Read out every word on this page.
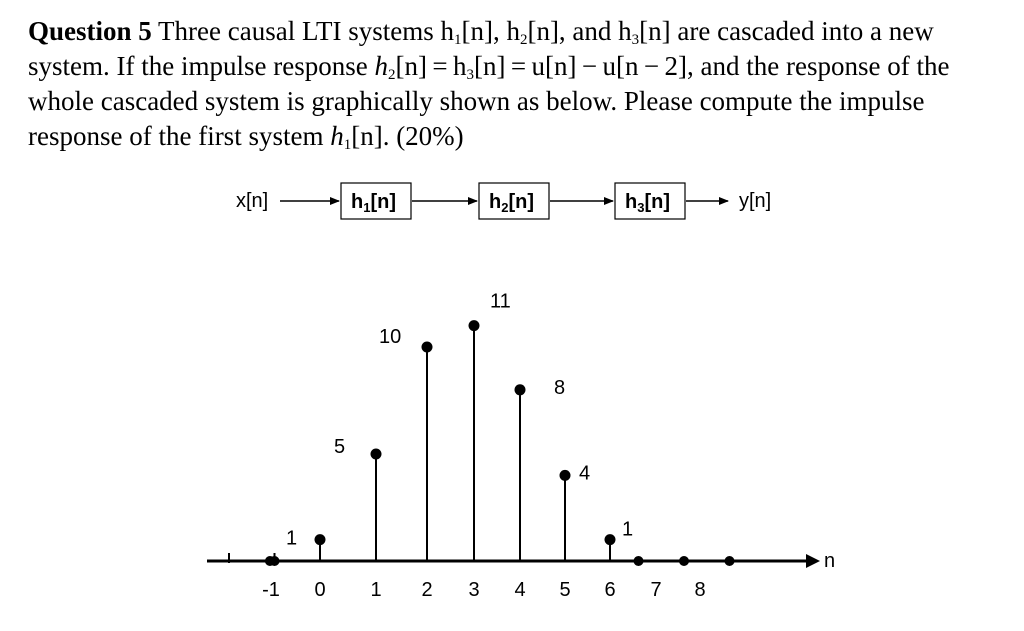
Question 5 Three causal LTI systems $h_1[n]$, $h_2[n]$, and $h_3[n]$ are cascaded into a new system. If the impulse response $h_2[n] = h_3[n] = u[n] - u[n - 2]$, and the response of the whole cascaded system is graphically shown as below. Please compute the impulse response of the first system $h_1[n]$. (20%)
x[n]	$h_1[n]$	$h_2[n]$	$h_3[n]$	y[n]
n
1
5
10
11
8
4
1
-1 0 1 2 3 4 5 6 7 8
